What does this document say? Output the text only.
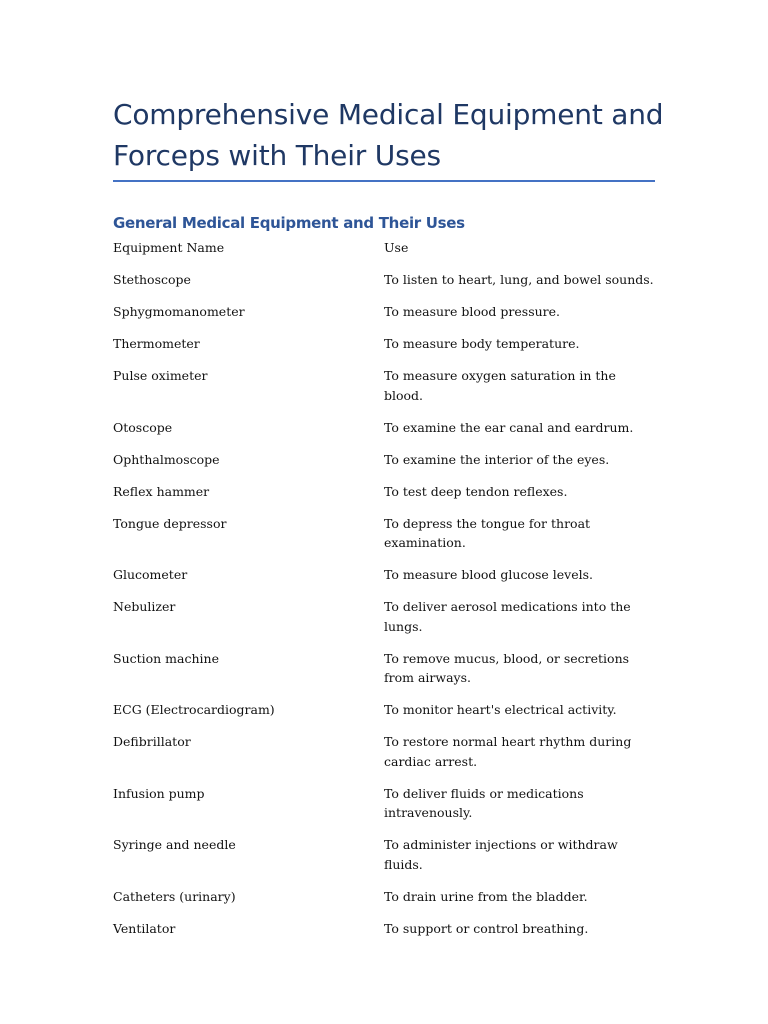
Comprehensive Medical Equipment and Forceps with Their Uses
General Medical Equipment and Their Uses
Equipment Name	Use
Stethoscope	To listen to heart, lung, and bowel sounds.
Sphygmomanometer	To measure blood pressure.
Thermometer	To measure body temperature.
Pulse oximeter	To measure oxygen saturation in the blood.
Otoscope	To examine the ear canal and eardrum.
Ophthalmoscope	To examine the interior of the eyes.
Reflex hammer	To test deep tendon reflexes.
Tongue depressor	To depress the tongue for throat examination.
Glucometer	To measure blood glucose levels.
Nebulizer	To deliver aerosol medications into the lungs.
Suction machine	To remove mucus, blood, or secretions from airways.
ECG (Electrocardiogram)	To monitor heart's electrical activity.
Defibrillator	To restore normal heart rhythm during cardiac arrest.
Infusion pump	To deliver fluids or medications intravenously.
Syringe and needle	To administer injections or withdraw fluids.
Catheters (urinary)	To drain urine from the bladder.
Ventilator	To support or control breathing.
